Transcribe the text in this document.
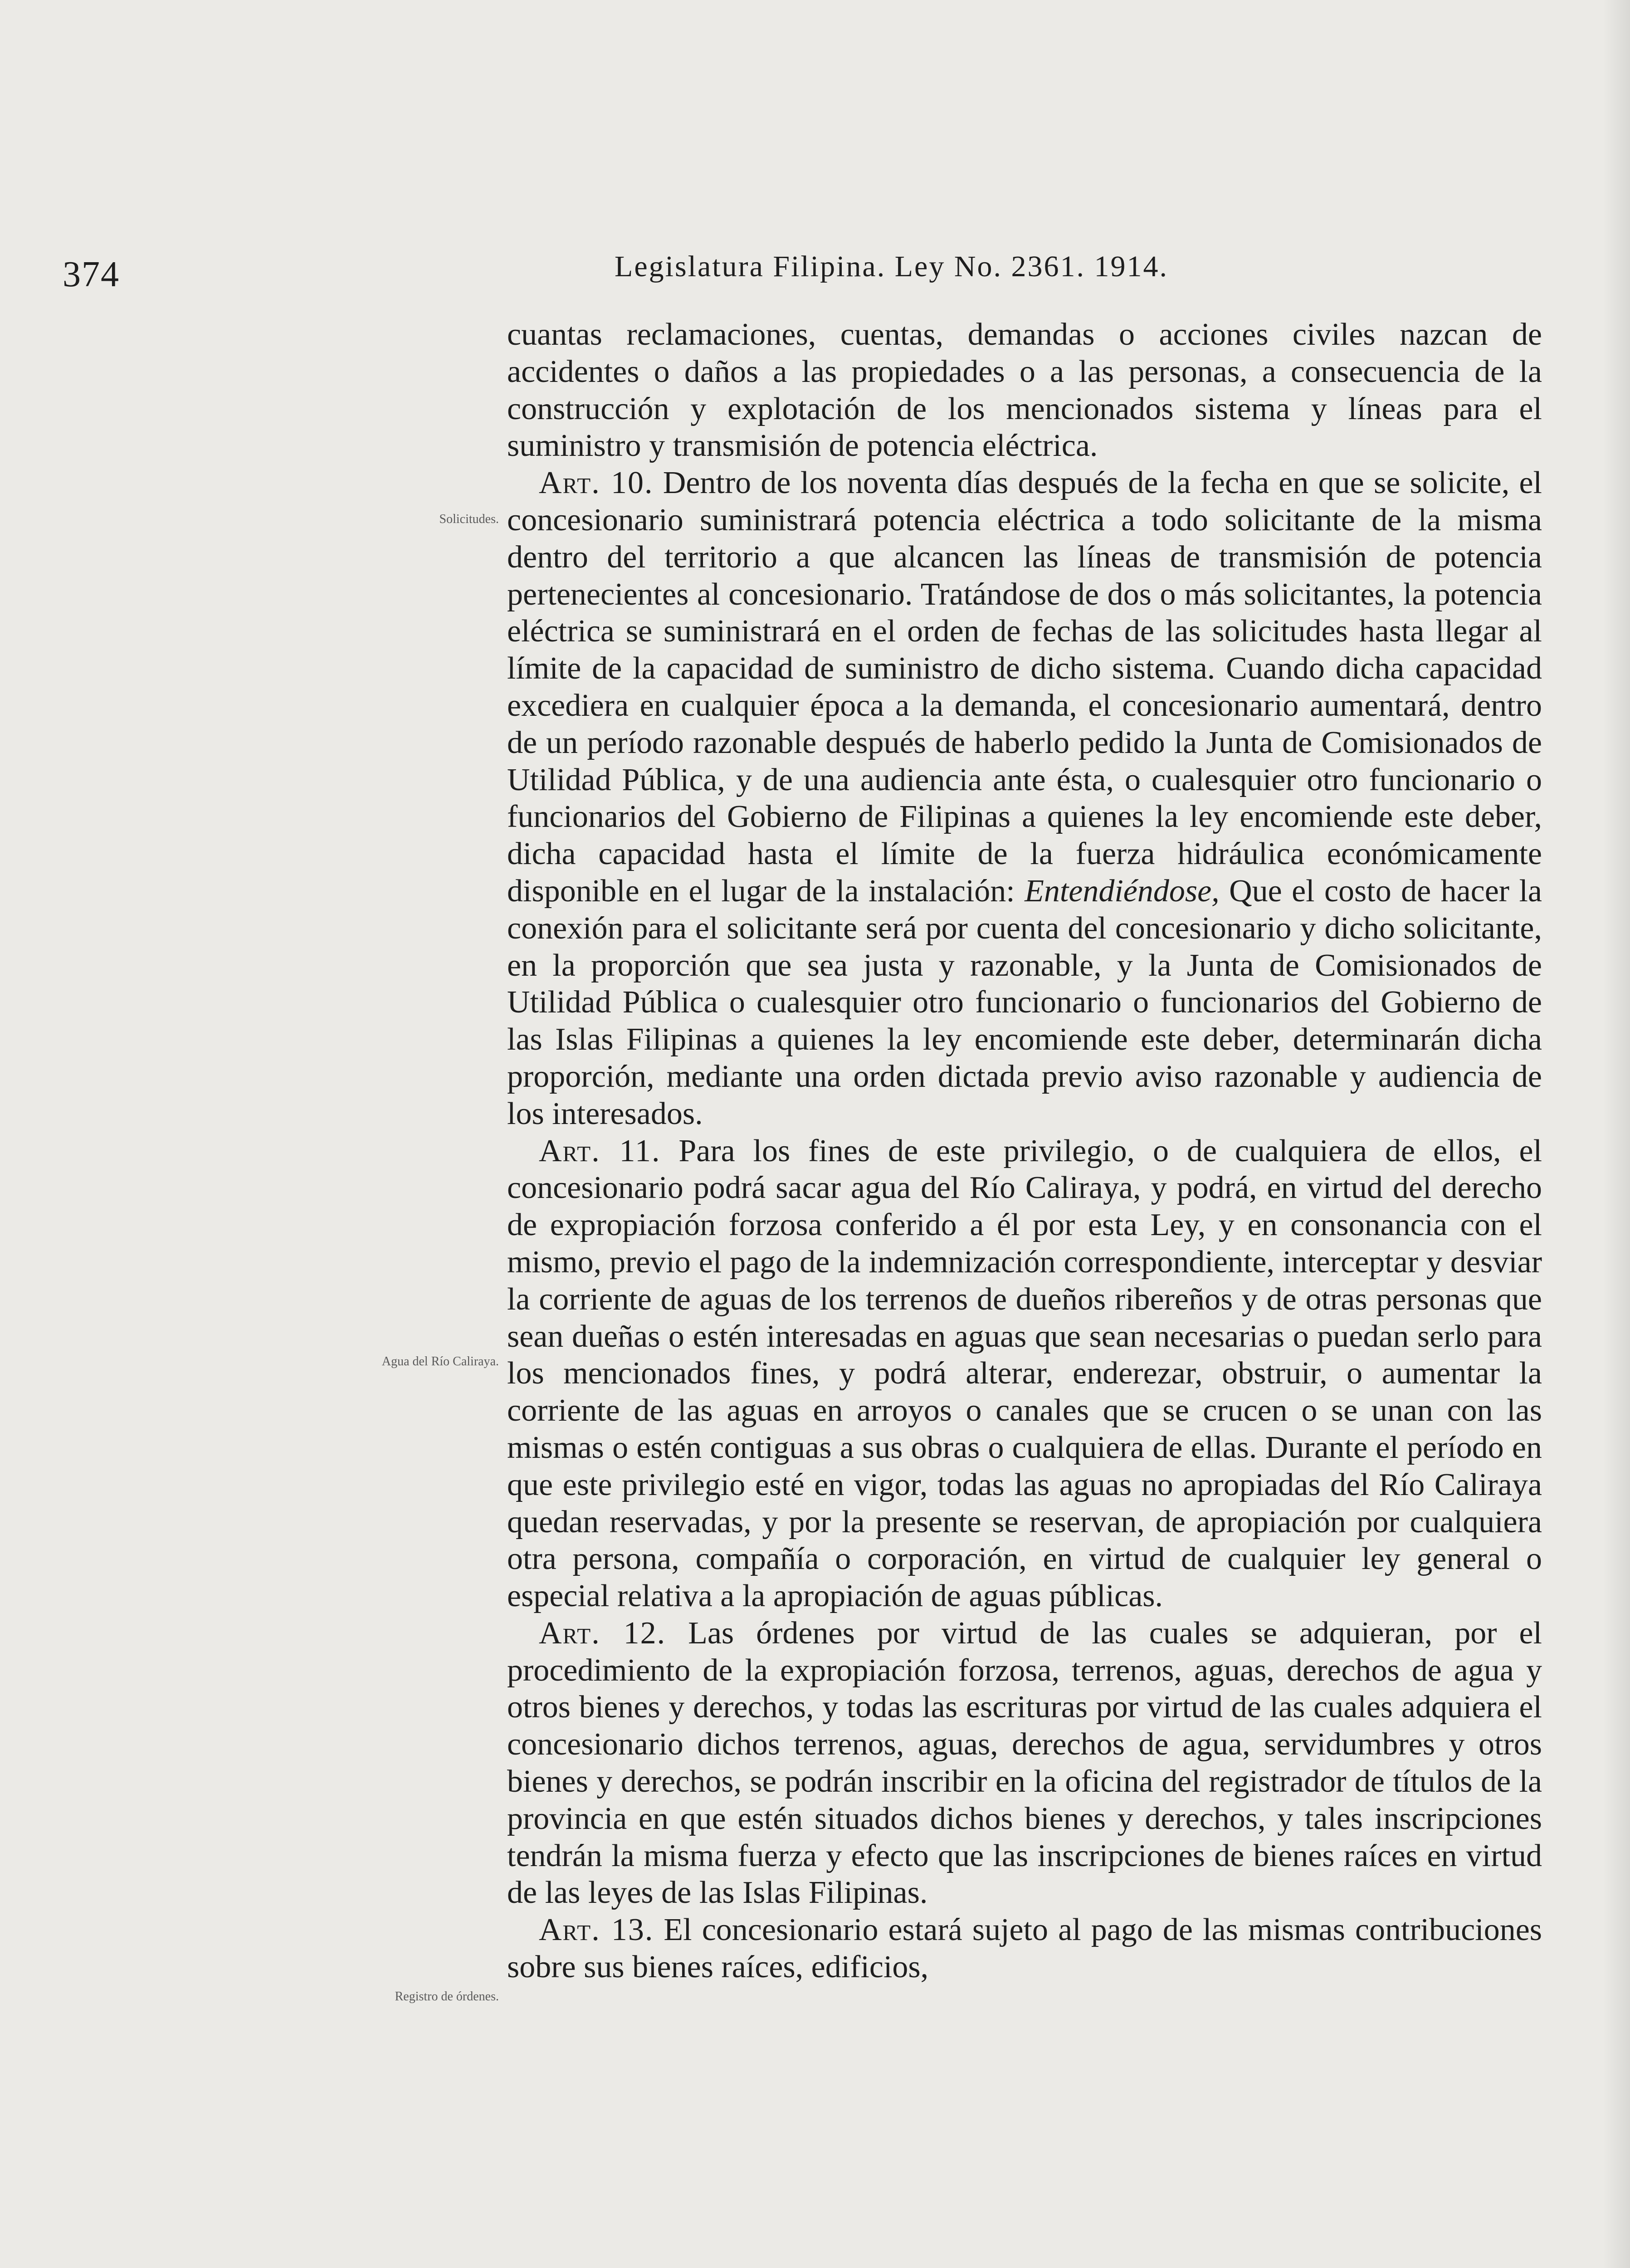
374	Legislatura Filipina. Ley No. 2361. 1914.
Solicitudes.
Agua del Río Caliraya.
Registro de órdenes.

cuantas reclamaciones, cuentas, demandas o acciones civiles nazcan de accidentes o daños a las propiedades o a las personas, a consecuencia de la construcción y explotación de los mencionados sistema y líneas para el suministro y transmisión de potencia eléctrica.

Art. 10. Dentro de los noventa días después de la fecha en que se solicite, el concesionario suministrará potencia eléctrica a todo solicitante de la misma dentro del territorio a que alcancen las líneas de transmisión de potencia pertenecientes al concesionario. Tratándose de dos o más solicitantes, la potencia eléctrica se suministrará en el orden de fechas de las solicitudes hasta llegar al límite de la capacidad de suministro de dicho sistema. Cuando dicha capacidad excediera en cualquier época a la demanda, el concesionario aumentará, dentro de un período razonable después de haberlo pedido la Junta de Comisionados de Utilidad Pública, y de una audiencia ante ésta, o cualesquier otro funcionario o funcionarios del Gobierno de Filipinas a quienes la ley encomiende este deber, dicha capacidad hasta el límite de la fuerza hidráulica económicamente disponible en el lugar de la instalación: Entendiéndose, Que el costo de hacer la conexión para el solicitante será por cuenta del concesionario y dicho solicitante, en la proporción que sea justa y razonable, y la Junta de Comisionados de Utilidad Pública o cualesquier otro funcionario o funcionarios del Gobierno de las Islas Filipinas a quienes la ley encomiende este deber, determinarán dicha proporción, mediante una orden dictada previo aviso razonable y audiencia de los interesados.

Art. 11. Para los fines de este privilegio, o de cualquiera de ellos, el concesionario podrá sacar agua del Río Caliraya, y podrá, en virtud del derecho de expropiación forzosa conferido a él por esta Ley, y en consonancia con el mismo, previo el pago de la indemnización correspondiente, interceptar y desviar la corriente de aguas de los terrenos de dueños ribereños y de otras personas que sean dueñas o estén interesadas en aguas que sean necesarias o puedan serlo para los mencionados fines, y podrá alterar, enderezar, obstruir, o aumentar la corriente de las aguas en arroyos o canales que se crucen o se unan con las mismas o estén contiguas a sus obras o cualquiera de ellas. Durante el período en que este privilegio esté en vigor, todas las aguas no apropiadas del Río Caliraya quedan reservadas, y por la presente se reservan, de apropiación por cualquiera otra persona, compañía o corporación, en virtud de cualquier ley general o especial relativa a la apropiación de aguas públicas.

Art. 12. Las órdenes por virtud de las cuales se adquieran, por el procedimiento de la expropiación forzosa, terrenos, aguas, derechos de agua y otros bienes y derechos, y todas las escrituras por virtud de las cuales adquiera el concesionario dichos terrenos, aguas, derechos de agua, servidumbres y otros bienes y derechos, se podrán inscribir en la oficina del registrador de títulos de la provincia en que estén situados dichos bienes y derechos, y tales inscripciones tendrán la misma fuerza y efecto que las inscripciones de bienes raíces en virtud de las leyes de las Islas Filipinas.

Art. 13. El concesionario estará sujeto al pago de las mismas contribuciones sobre sus bienes raíces, edificios,
